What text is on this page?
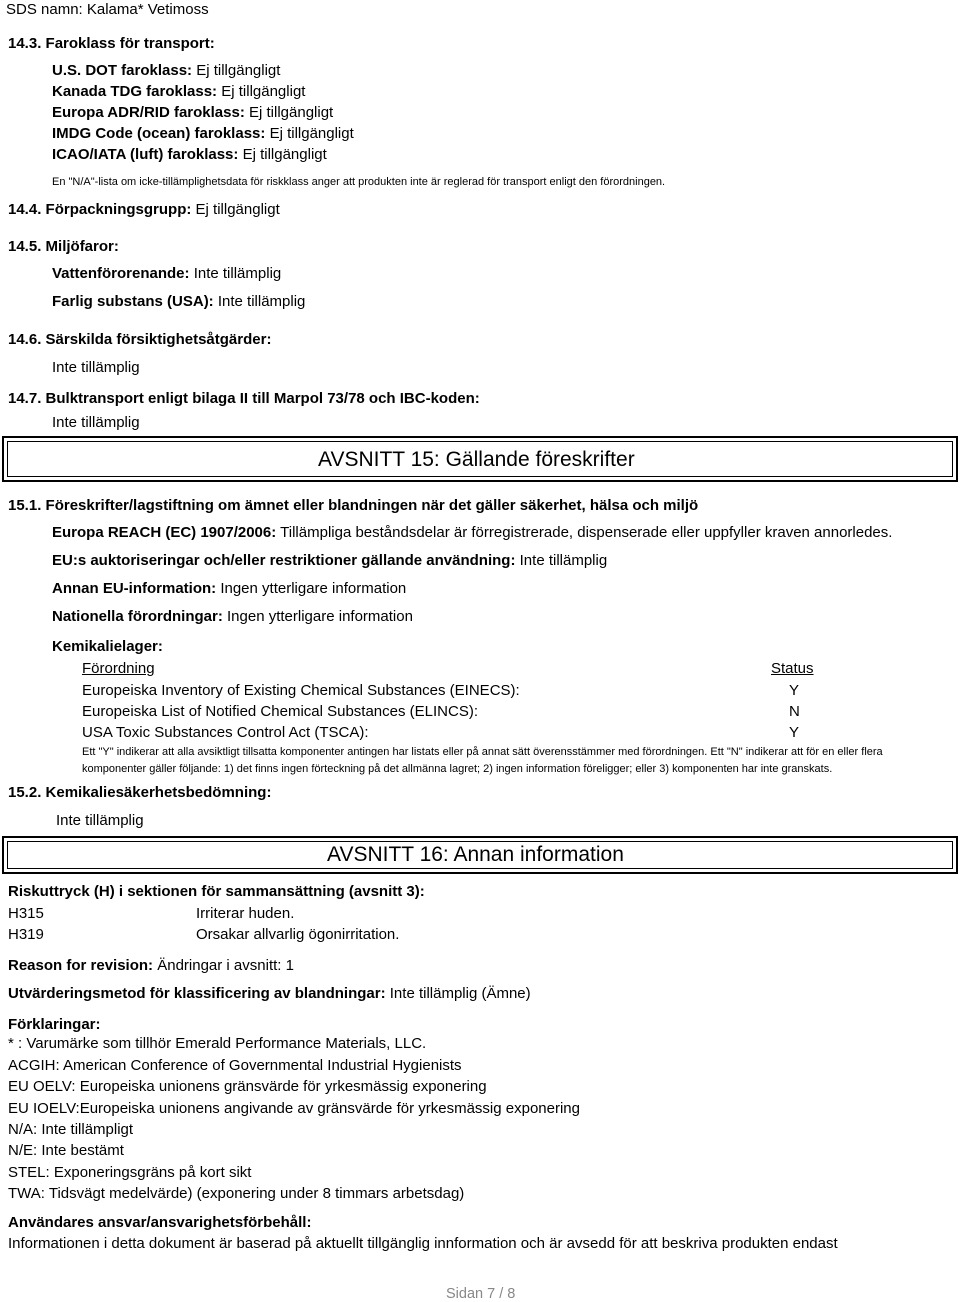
SDS namn: Kalama* Vetimoss
14.3. Faroklass för transport:
U.S. DOT faroklass: Ej tillgängligt
Kanada TDG faroklass: Ej tillgängligt
Europa ADR/RID faroklass: Ej tillgängligt
IMDG Code (ocean) faroklass: Ej tillgängligt
ICAO/IATA (luft) faroklass: Ej tillgängligt
En "N/A"-lista om icke-tillämplighetsdata för riskklass anger att produkten inte är reglerad för transport enligt den förordningen.
14.4. Förpackningsgrupp: Ej tillgängligt
14.5. Miljöfaror:
Vattenförorenande: Inte tillämplig
Farlig substans (USA): Inte tillämplig
14.6. Särskilda försiktighetsåtgärder:
Inte tillämplig
14.7. Bulktransport enligt bilaga II till Marpol 73/78 och IBC-koden:
Inte tillämplig
AVSNITT 15: Gällande föreskrifter
15.1. Föreskrifter/lagstiftning om ämnet eller blandningen när det gäller säkerhet, hälsa och miljö
Europa REACH (EC) 1907/2006: Tillämpliga beståndsdelar är förregistrerade, dispenserade eller uppfyller kraven annorledes.
EU:s auktoriseringar och/eller restriktioner gällande användning: Inte tillämplig
Annan EU-information: Ingen ytterligare information
Nationella förordningar: Ingen ytterligare information
Kemikalielager:
Förordning	Status
Europeiska Inventory of Existing Chemical Substances (EINECS):	Y
Europeiska List of Notified Chemical Substances (ELINCS):	N
USA Toxic Substances Control Act (TSCA):	Y
Ett "Y" indikerar att alla avsiktligt tillsatta komponenter antingen har listats eller på annat sätt överensstämmer med förordningen. Ett "N" indikerar att för en eller flera
komponenter gäller följande: 1) det finns ingen förteckning på det allmänna lagret; 2) ingen information föreligger; eller 3) komponenten har inte granskats.
15.2. Kemikaliesäkerhetsbedömning:
Inte tillämplig
AVSNITT 16: Annan information
Riskuttryck (H) i sektionen för sammansättning (avsnitt 3):
H315	Irriterar huden.
H319	Orsakar allvarlig ögonirritation.
Reason for revision: Ändringar i avsnitt: 1
Utvärderingsmetod för klassificering av blandningar: Inte tillämplig (Ämne)
Förklaringar:
* : Varumärke som tillhör Emerald Performance Materials, LLC.
ACGIH: American Conference of Governmental Industrial Hygienists
EU OELV: Europeiska unionens gränsvärde för yrkesmässig exponering
EU IOELV:Europeiska unionens angivande av gränsvärde för yrkesmässig exponering
N/A: Inte tillämpligt
N/E: Inte bestämt
STEL: Exponeringsgräns på kort sikt
TWA: Tidsvägt medelvärde) (exponering under 8 timmars arbetsdag)
Användares ansvar/ansvarighetsförbehåll:
Informationen i detta dokument är baserad på aktuellt tillgänglig innformation och är avsedd för att beskriva produkten endast
Sidan 7 / 8
